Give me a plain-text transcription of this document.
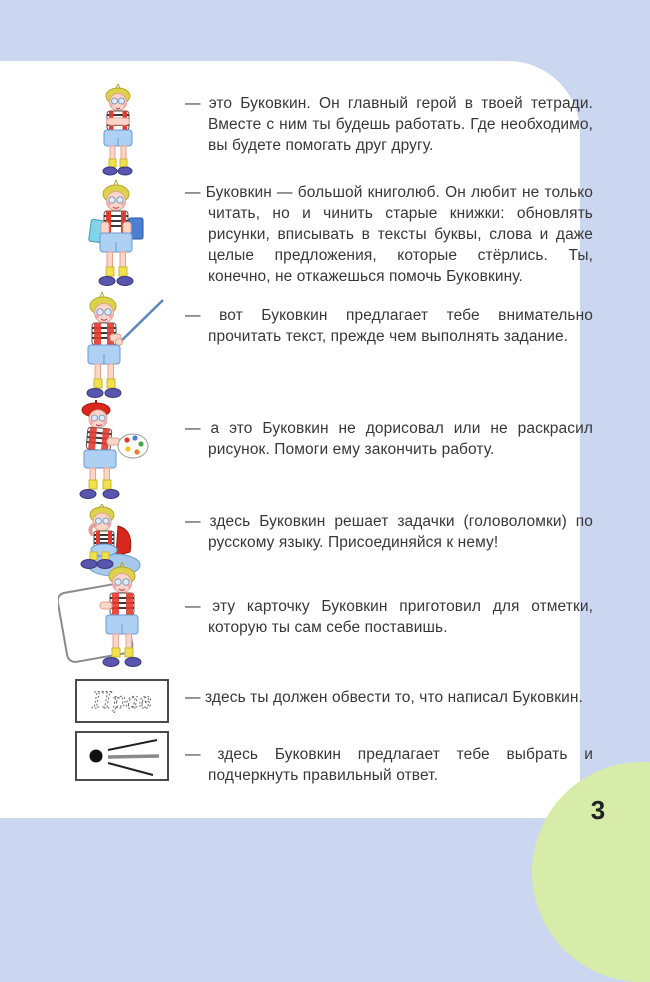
Прав

— это Буковкин. Он главный герой в твоей тетради. Вместе с ним ты будешь работать. Где необходимо, вы будете помогать друг другу.

— Буковкин — большой книголюб. Он любит не только читать, но и чинить старые книжки: обновлять рисунки, вписывать в тексты буквы, слова и даже целые предложения, которые стёрлись. Ты, конечно, не откажешься помочь Буковкину.

— вот Буковкин предлагает тебе внимательно прочитать текст, прежде чем выполнять задание.

— а это Буковкин не дорисовал или не раскрасил рисунок. Помоги ему закончить работу.

— здесь Буковкин решает задачки (головоломки) по русскому языку. Присоединяйся к нему!

— эту карточку Буковкин приготовил для отметки, которую ты сам себе поставишь.

— здесь ты должен обвести то, что написал Буковкин.

— здесь Буковкин предлагает тебе выбрать и подчеркнуть правильный ответ.

3
